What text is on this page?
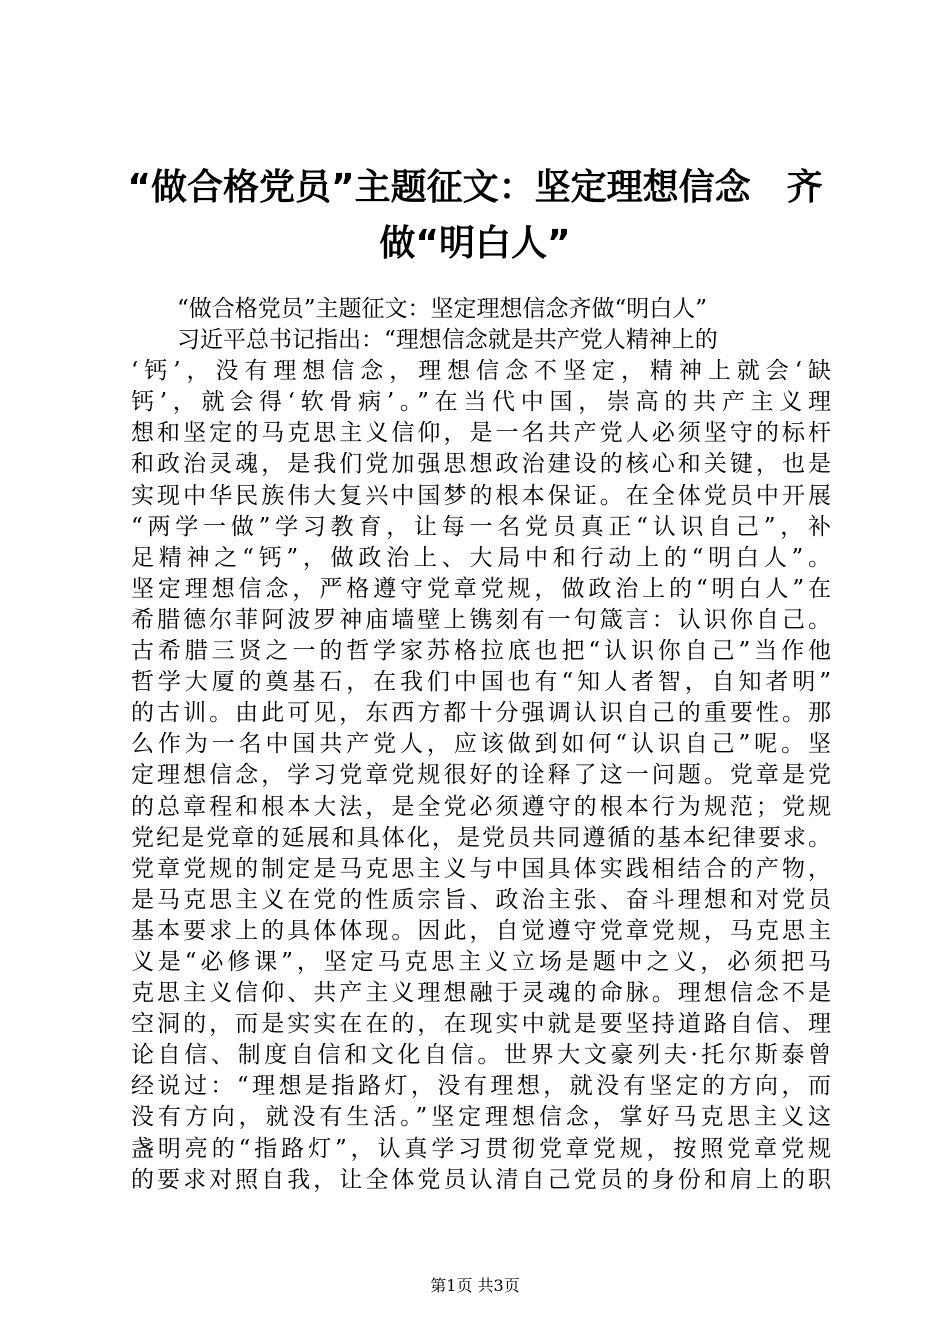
“做合格党员”主题征文：坚定理想信念　齐
做“明白人”
　　“做合格党员”主题征文：坚定理想信念齐做“明白人”
　　习近平总书记指出：“理想信念就是共产党人精神上的
‘钙’，没有理想信念，理想信念不坚定，精神上就会‘缺
钙’，就会得‘软骨病’。”在当代中国，崇高的共产主义理
想和坚定的马克思主义信仰，是一名共产党人必须坚守的标杆
和政治灵魂，是我们党加强思想政治建设的核心和关键，也是
实现中华民族伟大复兴中国梦的根本保证。在全体党员中开展
“两学一做”学习教育，让每一名党员真正“认识自己”，补
足精神之“钙”，做政治上、大局中和行动上的“明白人”。
坚定理想信念，严格遵守党章党规，做政治上的“明白人”在
希腊德尔菲阿波罗神庙墙壁上镌刻有一句箴言：认识你自己。
古希腊三贤之一的哲学家苏格拉底也把“认识你自己”当作他
哲学大厦的奠基石，在我们中国也有“知人者智，自知者明”
的古训。由此可见，东西方都十分强调认识自己的重要性。那
么作为一名中国共产党人，应该做到如何“认识自己”呢。坚
定理想信念，学习党章党规很好的诠释了这一问题。党章是党
的总章程和根本大法，是全党必须遵守的根本行为规范；党规
党纪是党章的延展和具体化，是党员共同遵循的基本纪律要求。
党章党规的制定是马克思主义与中国具体实践相结合的产物，
是马克思主义在党的性质宗旨、政治主张、奋斗理想和对党员
基本要求上的具体体现。因此，自觉遵守党章党规，马克思主
义是“必修课”，坚定马克思主义立场是题中之义，必须把马
克思主义信仰、共产主义理想融于灵魂的命脉。理想信念不是
空洞的，而是实实在在的，在现实中就是要坚持道路自信、理
论自信、制度自信和文化自信。世界大文豪列夫·托尔斯泰曾
经说过：“理想是指路灯，没有理想，就没有坚定的方向，而
没有方向，就没有生活。”坚定理想信念，掌好马克思主义这
盏明亮的“指路灯”，认真学习贯彻党章党规，按照党章党规
的要求对照自我，让全体党员认清自己党员的身份和肩上的职
第1页 共3页
